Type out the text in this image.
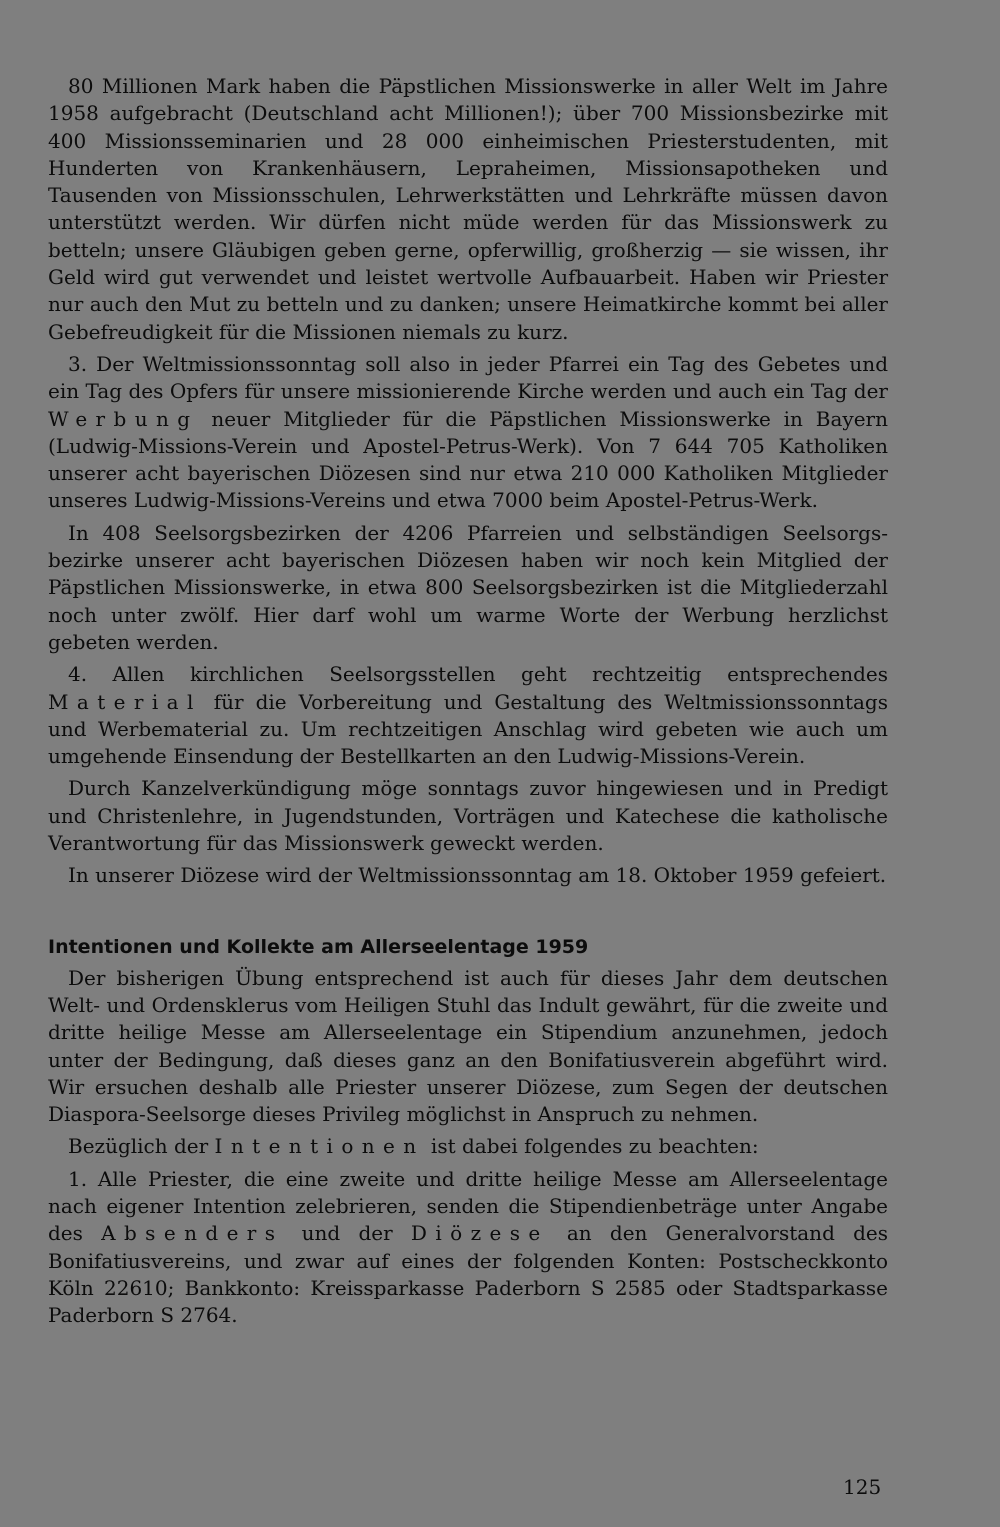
80 Millionen Mark haben die Päpstlichen Missionswerke in aller Welt im Jahre 1958 aufgebracht (Deutschland acht Millionen!); über 700 Missionsbezirke mit 400 Missionsseminarien und 28 000 einheimischen Priesterstudenten, mit Hunderten von Krankenhäusern, Lepraheimen, Missionsapotheken und Tausenden von Missionsschulen, Lehrwerkstätten und Lehrkräfte müssen davon unterstützt werden. Wir dürfen nicht müde werden für das Missionswerk zu betteln; unsere Gläubigen geben gerne, opferwillig, großherzig — sie wissen, ihr Geld wird gut verwendet und leistet wertvolle Aufbauarbeit. Haben wir Priester nur auch den Mut zu betteln und zu danken; unsere Heimatkirche kommt bei aller Gebefreudigkeit für die Missionen niemals zu kurz.

3. Der Weltmissionssonntag soll also in jeder Pfarrei ein Tag des Gebetes und ein Tag des Opfers für unsere missionierende Kirche werden und auch ein Tag der Werbung neuer Mitglieder für die Päpstlichen Missionswerke in Bayern (Ludwig-Missions-Verein und Apostel-Petrus-Werk). Von 7 644 705 Katholiken unserer acht bayerischen Diözesen sind nur etwa 210 000 Katholiken Mitglieder unseres Ludwig-Missions-Vereins und etwa 7000 beim Apostel-Petrus-Werk.

In 408 Seelsorgsbezirken der 4206 Pfarreien und selbständigen Seelsorgsbezirke unserer acht bayerischen Diözesen haben wir noch kein Mitglied der Päpstlichen Missionswerke, in etwa 800 Seelsorgsbezirken ist die Mitgliederzahl noch unter zwölf. Hier darf wohl um warme Worte der Werbung herzlichst gebeten werden.

4. Allen kirchlichen Seelsorgsstellen geht rechtzeitig entsprechendes Material für die Vorbereitung und Gestaltung des Weltmissionssonntags und Werbematerial zu. Um rechtzeitigen Anschlag wird gebeten wie auch um umgehende Einsendung der Bestellkarten an den Ludwig-Missions-Verein.

Durch Kanzelverkündigung möge sonntags zuvor hingewiesen und in Predigt und Christenlehre, in Jugendstunden, Vorträgen und Katechese die katholische Verantwortung für das Missionswerk geweckt werden.

In unserer Diözese wird der Weltmissionssonntag am 18. Oktober 1959 gefeiert.

Intentionen und Kollekte am Allerseelentage 1959

Der bisherigen Übung entsprechend ist auch für dieses Jahr dem deutschen Welt- und Ordensklerus vom Heiligen Stuhl das Indult gewährt, für die zweite und dritte heilige Messe am Allerseelentage ein Stipendium anzunehmen, jedoch unter der Bedingung, daß dieses ganz an den Bonifatiusverein abgeführt wird. Wir ersuchen deshalb alle Priester unserer Diözese, zum Segen der deutschen Diaspora-Seelsorge dieses Privileg möglichst in Anspruch zu nehmen.

Bezüglich der Intentionen ist dabei folgendes zu beachten:

1. Alle Priester, die eine zweite und dritte heilige Messe am Allerseelentage nach eigener Intention zelebrieren, senden die Stipendienbeträge unter Angabe des Absenders und der Diözese an den Generalvorstand des Bonifatiusvereins, und zwar auf eines der folgenden Konten: Postscheckkonto Köln 22610; Bankkonto: Kreissparkasse Paderborn S 2585 oder Stadtsparkasse Paderborn S 2764.

125
